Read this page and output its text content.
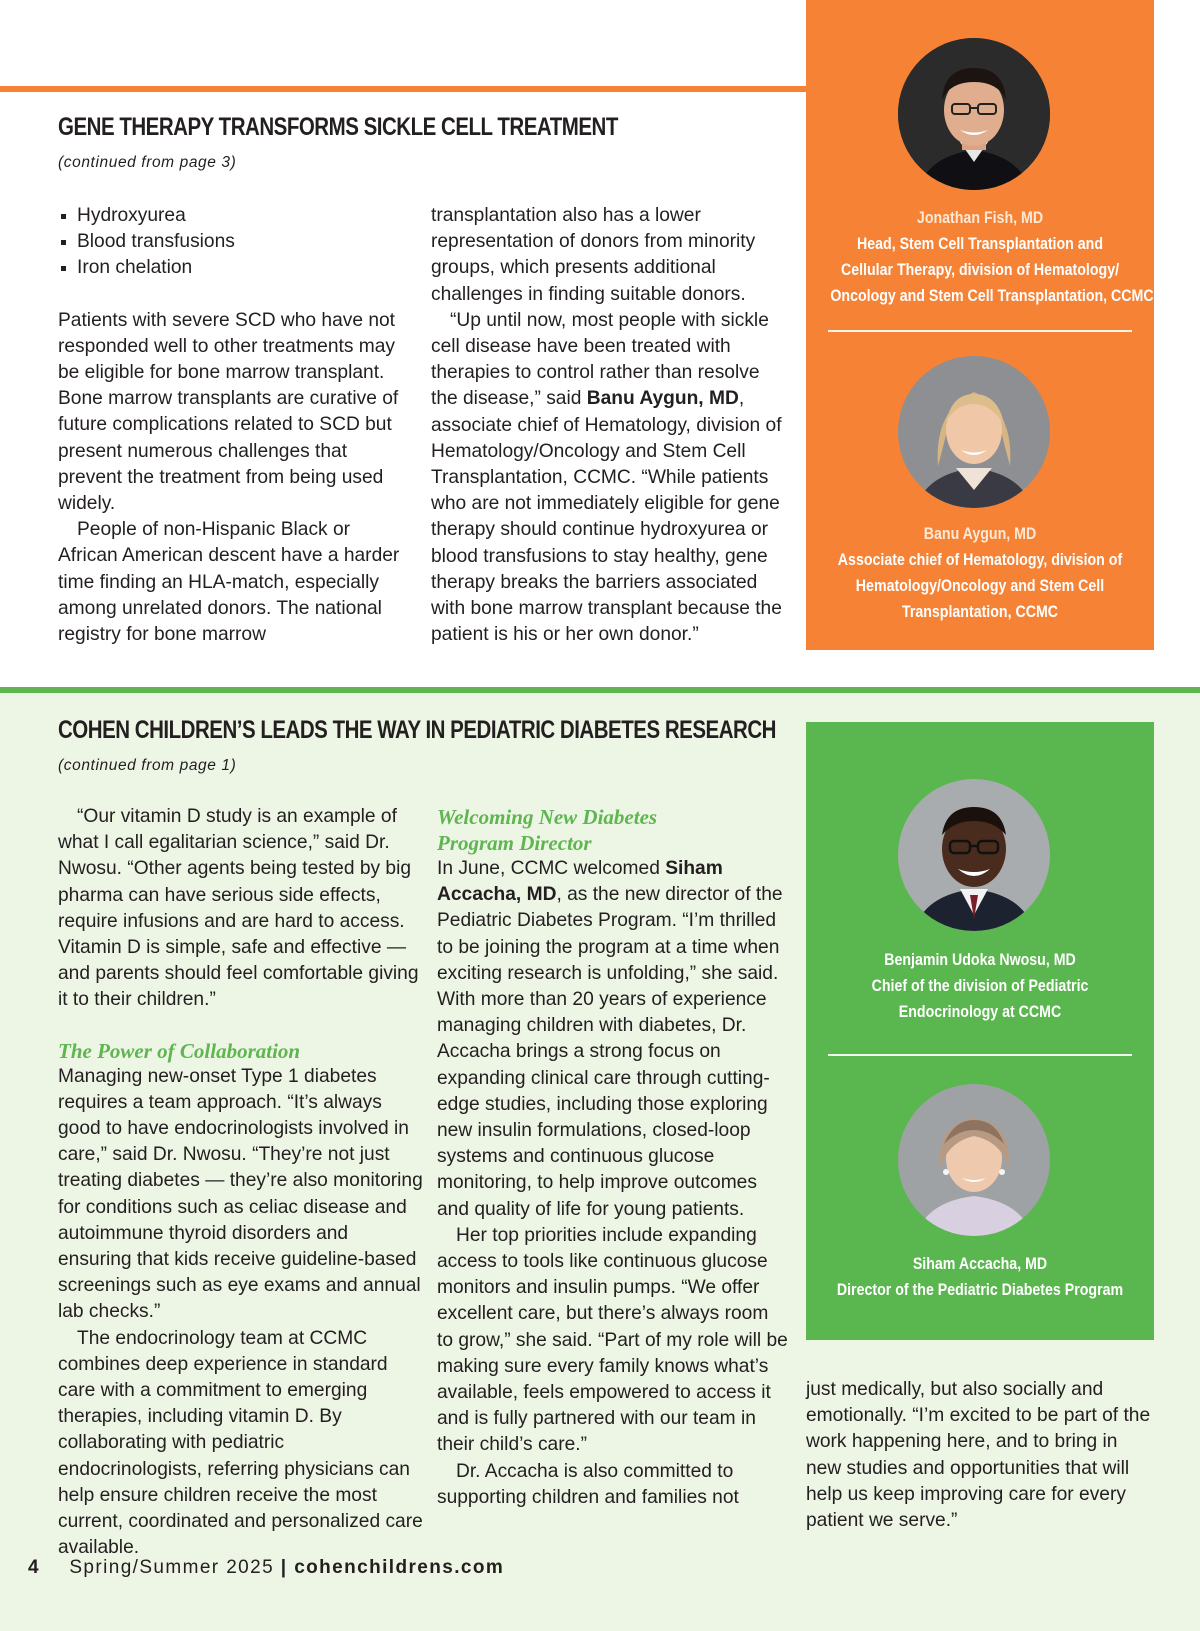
GENE THERAPY TRANSFORMS SICKLE CELL TREATMENT
(continued from page 3)
Hydroxyurea
Blood transfusions
Iron chelation

Patients with severe SCD who have not responded well to other treatments may be eligible for bone marrow transplant. Bone marrow transplants are curative of future complications related to SCD but present numerous challenges that prevent the treatment from being used widely.

People of non-Hispanic Black or African American descent have a harder time finding an HLA-match, especially among unrelated donors. The national registry for bone marrow

transplantation also has a lower representation of donors from minority groups, which presents additional challenges in finding suitable donors.

“Up until now, most people with sickle cell disease have been treated with therapies to control rather than resolve the disease,” said Banu Aygun, MD, associate chief of Hematology, division of Hematology/Oncology and Stem Cell Transplantation, CCMC. “While patients who are not immediately eligible for gene therapy should continue hydroxyurea or blood transfusions to stay healthy, gene therapy breaks the barriers associated with bone marrow transplant because the patient is his or her own donor.”

Jonathan Fish, MD
Head, Stem Cell Transplantation and
Cellular Therapy, division of Hematology/
Oncology and Stem Cell Transplantation, CCMC
Banu Aygun, MD
Associate chief of Hematology, division of
Hematology/Oncology and Stem Cell
Transplantation, CCMC
COHEN CHILDREN’S LEADS THE WAY IN PEDIATRIC DIABETES RESEARCH
(continued from page 1)

“Our vitamin D study is an example of what I call egalitarian science,” said Dr. Nwosu. “Other agents being tested by big pharma can have serious side effects, require infusions and are hard to access. Vitamin D is simple, safe and effective — and parents should feel comfortable giving it to their children.”

The Power of Collaboration

Managing new-onset Type 1 diabetes requires a team approach. “It’s always good to have endocrinologists involved in care,” said Dr. Nwosu. “They’re not just treating diabetes — they’re also monitoring for conditions such as celiac disease and autoimmune thyroid disorders and ensuring that kids receive guideline-based screenings such as eye exams and annual lab checks.”

The endocrinology team at CCMC combines deep experience in standard care with a commitment to emerging therapies, including vitamin D. By collaborating with pediatric endocrinologists, referring physicians can help ensure children receive the most current, coordinated and personalized care available.

Welcoming New Diabetes
Program Director

In June, CCMC welcomed Siham Accacha, MD, as the new director of the Pediatric Diabetes Program. “I’m thrilled to be joining the program at a time when exciting research is unfolding,” she said. With more than 20 years of experience managing children with diabetes, Dr. Accacha brings a strong focus on expanding clinical care through cutting-edge studies, including those exploring new insulin formulations, closed-loop systems and continuous glucose monitoring, to help improve outcomes and quality of life for young patients.

Her top priorities include expanding access to tools like continuous glucose monitors and insulin pumps. “We offer excellent care, but there’s always room to grow,” she said. “Part of my role will be making sure every family knows what’s available, feels empowered to access it and is fully partnered with our team in their child’s care.”

Dr. Accacha is also committed to supporting children and families not

Benjamin Udoka Nwosu, MD
Chief of the division of Pediatric
Endocrinology at CCMC
Siham Accacha, MD
Director of the Pediatric Diabetes Program

just medically, but also socially and emotionally. “I’m excited to be part of the work happening here, and to bring in new studies and opportunities that will help us keep improving care for every patient we serve.”

4 Spring/Summer 2025 | cohenchildrens.com
